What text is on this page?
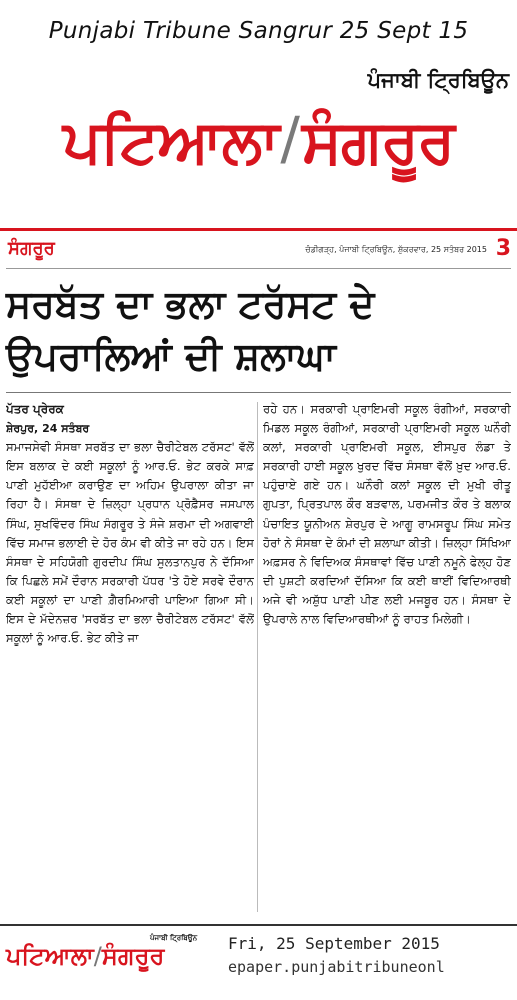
Punjabi Tribune Sangrur 25 Sept 15
ਪੰਜਾਬੀ ਟ੍ਰਿਬਿਊਨ
ਪਟਿਆਲਾ / ਸੰਗਰੂਰ
ਸੰਗਰੂਰ	ਚੰਡੀਗੜ੍ਹ, ਪੰਜਾਬੀ ਟ੍ਰਿਬਿਊਨ, ਸ਼ੁੱਕਰਵਾਰ, 25 ਸਤੰਬਰ 2015 3
ਸਰਬੱਤ ਦਾ ਭਲਾ ਟਰੱਸਟ ਦੇ
ਉਪਰਾਲਿਆਂ ਦੀ ਸ਼ਲਾਘਾ
ਪੱਤਰ ਪ੍ਰੇਰਕ
ਸ਼ੇਰਪੁਰ, 24 ਸਤੰਬਰ
ਸਮਾਜਸੇਵੀ ਸੰਸਥਾ ਸਰਬੱਤ ਦਾ ਭਲਾ ਚੈਰੀਟੇਬਲ ਟਰੱਸਟ' ਵੱਲੋਂ ਇਸ ਬਲਾਕ ਦੇ ਕਈ ਸਕੂਲਾਂ ਨੂੰ ਆਰ.ਓ. ਭੇਟ ਕਰਕੇ ਸਾਫ਼ ਪਾਣੀ ਮੁਹੱਈਆ ਕਰਾਉਣ ਦਾ ਅਹਿਮ ਉਪਰਾਲਾ ਕੀਤਾ ਜਾ ਰਿਹਾ ਹੈ। ਸੰਸਥਾ ਦੇ ਜ਼ਿਲ੍ਹਾ ਪ੍ਰਧਾਨ ਪ੍ਰੋਫ਼ੈਸਰ ਜਸਪਾਲ ਸਿੰਘ, ਸੁਖਵਿੰਦਰ ਸਿੰਘ ਸੰਗਰੂਰ ਤੇ ਸੰਜੇ ਸ਼ਰਮਾ ਦੀ ਅਗਵਾਈ ਵਿੱਚ ਸਮਾਜ ਭਲਾਈ ਦੇ ਹੋਰ ਕੰਮ ਵੀ ਕੀਤੇ ਜਾ ਰਹੇ ਹਨ। ਇਸ ਸੰਸਥਾ ਦੇ ਸਹਿਯੋਗੀ ਗੁਰਦੀਪ ਸਿੰਘ ਸੁਲਤਾਨਪੁਰ ਨੇ ਦੱਸਿਆ ਕਿ ਪਿਛਲੇ ਸਮੇਂ ਦੌਰਾਨ ਸਰਕਾਰੀ ਪੱਧਰ 'ਤੇ ਹੋਏ ਸਰਵੇ ਦੌਰਾਨ ਕਈ ਸਕੂਲਾਂ ਦਾ ਪਾਣੀ ਗ਼ੈਰਮਿਆਰੀ ਪਾਇਆ ਗਿਆ ਸੀ। ਇਸ ਦੇ ਮੱਦੇਨਜ਼ਰ 'ਸਰਬੱਤ ਦਾ ਭਲਾ ਚੈਰੀਟੇਬਲ ਟਰੱਸਟ' ਵੱਲੋਂ ਸਕੂਲਾਂ ਨੂੰ ਆਰ.ਓ. ਭੇਟ ਕੀਤੇ ਜਾ
ਰਹੇ ਹਨ। ਸਰਕਾਰੀ ਪ੍ਰਾਇਮਰੀ ਸਕੂਲ ਰੰਗੀਆਂ, ਸਰਕਾਰੀ ਮਿਡਲ ਸਕੂਲ ਰੰਗੀਆਂ, ਸਰਕਾਰੀ ਪ੍ਰਾਇਮਰੀ ਸਕੂਲ ਘਨੌਰੀ ਕਲਾਂ, ਸਰਕਾਰੀ ਪ੍ਰਾਇਮਰੀ ਸਕੂਲ, ਈਸਪੁਰ ਲੰਡਾ ਤੇ ਸਰਕਾਰੀ ਹਾਈ ਸਕੂਲ ਖੁਰਦ ਵਿੱਚ ਸੰਸਥਾ ਵੱਲੋਂ ਖ਼ੁਦ ਆਰ.ਓ. ਪਹੁੰਚਾਏ ਗਏ ਹਨ। ਘਨੌਰੀ ਕਲਾਂ ਸਕੂਲ ਦੀ ਮੁਖੀ ਰੀਤੂ ਗੁਪਤਾ, ਪ੍ਰਿਤਪਾਲ ਕੌਰ ਬੜਵਾਲ, ਪਰਮਜੀਤ ਕੌਰ ਤੇ ਬਲਾਕ ਪੰਚਾਇਤ ਯੂਨੀਅਨ ਸ਼ੇਰਪੁਰ ਦੇ ਆਗੂ ਰਾਮਸਰੂਪ ਸਿੰਘ ਸਮੇਤ ਹੋਰਾਂ ਨੇ ਸੰਸਥਾ ਦੇ ਕੰਮਾਂ ਦੀ ਸ਼ਲਾਘਾ ਕੀਤੀ। ਜ਼ਿਲ੍ਹਾ ਸਿੱਖਿਆ ਅਫ਼ਸਰ ਨੇ ਵਿਦਿਅਕ ਸੰਸਥਾਵਾਂ ਵਿੱਚ ਪਾਣੀ ਨਮੂਨੇ ਫੇਲ੍ਹ ਹੋਣ ਦੀ ਪੁਸ਼ਟੀ ਕਰਦਿਆਂ ਦੱਸਿਆ ਕਿ ਕਈ ਥਾਈਂ ਵਿਦਿਆਰਥੀ ਅਜੇ ਵੀ ਅਸ਼ੁੱਧ ਪਾਣੀ ਪੀਣ ਲਈ ਮਜਬੂਰ ਹਨ। ਸੰਸਥਾ ਦੇ ਉਪਰਾਲੇ ਨਾਲ ਵਿਦਿਆਰਥੀਆਂ ਨੂੰ ਰਾਹਤ ਮਿਲੇਗੀ।
ਪਟਿਆਲਾ/ਸੰਗਰੂਰ
ਪੰਜਾਬੀ ਟ੍ਰਿਬਿਊਨ Fri, 25 September 2015
epaper.punjabitribuneonl
